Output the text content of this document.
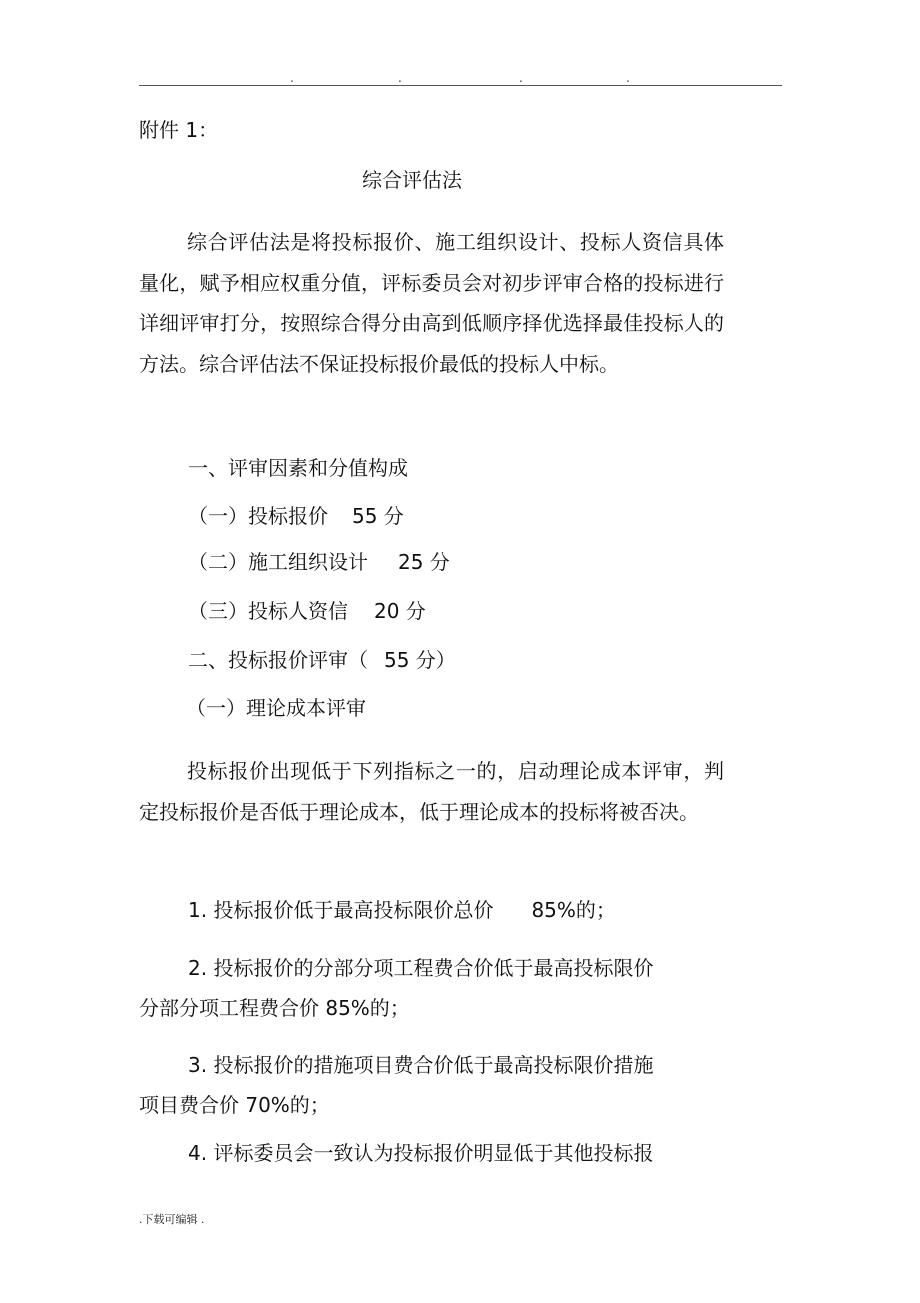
.	.	.	.
附件 1：
综合评估法
综合评估法是将投标报价、施工组织设计、投标人资信具体量化，赋予相应权重分值，评标委员会对初步评审合格的投标进行详细评审打分，按照综合得分由高到低顺序择优选择最佳投标人的方法。综合评估法不保证投标报价最低的投标人中标。
一、评审因素和分值构成
（一）投标报价 55 分
（二）施工组织设计 25 分
（三）投标人资信 20 分
二、投标报价评审（ 55 分）
（一）理论成本评审
投标报价出现低于下列指标之一的，启动理论成本评审，判定投标报价是否低于理论成本，低于理论成本的投标将被否决。
1. 投标报价低于最高投标限价总价 85%的；
2. 投标报价的分部分项工程费合价低于最高投标限价
分部分项工程费合价 85%的；
3. 投标报价的措施项目费合价低于最高投标限价措施
项目费合价 70%的；
4. 评标委员会一致认为投标报价明显低于其他投标报
.下载可编辑 .
